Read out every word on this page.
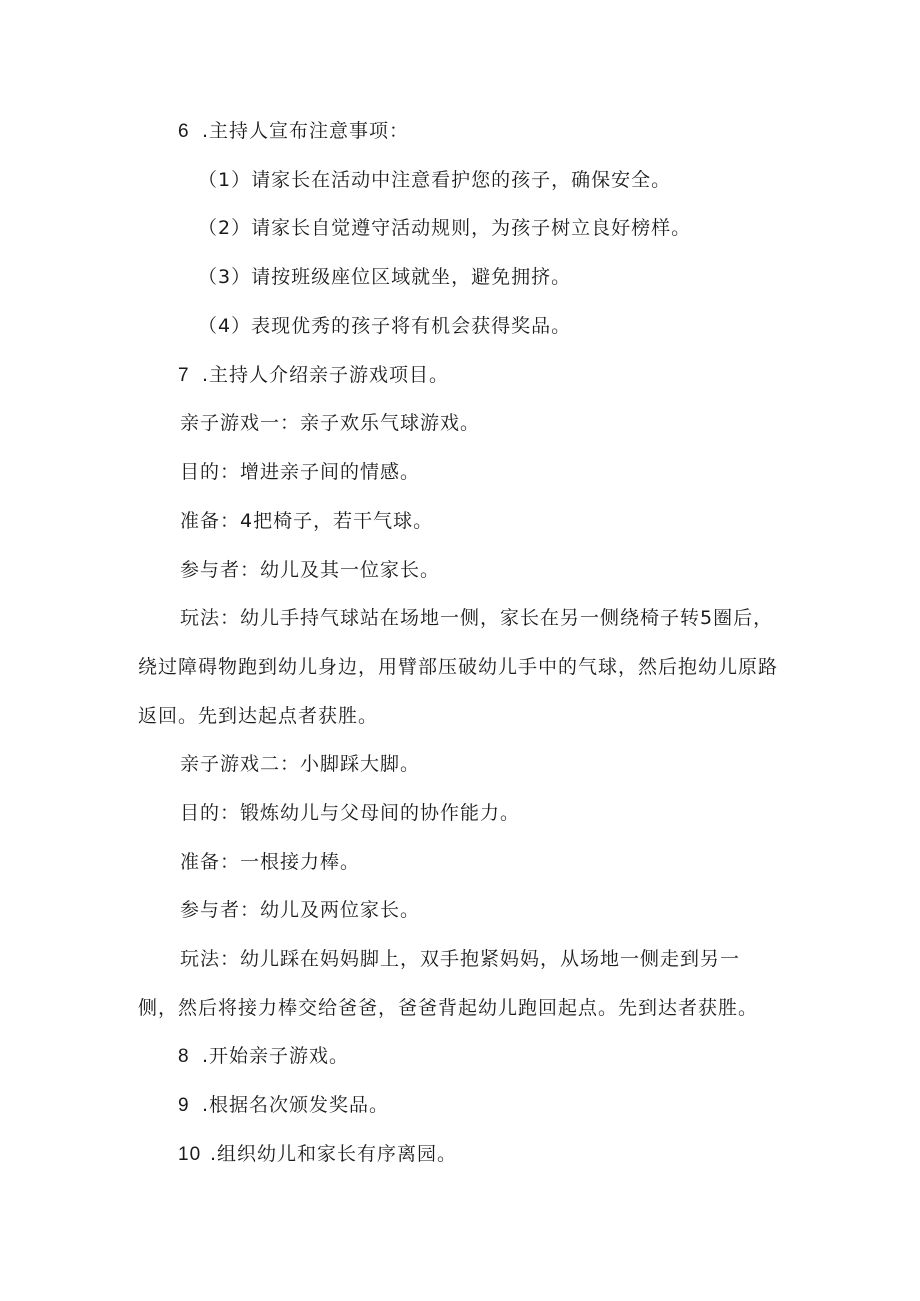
6 .主持人宣布注意事项：
（1）请家长在活动中注意看护您的孩子，确保安全。
（2）请家长自觉遵守活动规则，为孩子树立良好榜样。
（3）请按班级座位区域就坐，避免拥挤。
（4）表现优秀的孩子将有机会获得奖品。
7 .主持人介绍亲子游戏项目。
亲子游戏一：亲子欢乐气球游戏。
目的：增进亲子间的情感。
准备：4把椅子，若干气球。
参与者：幼儿及其一位家长。
玩法：幼儿手持气球站在场地一侧，家长在另一侧绕椅子转5圈后，
绕过障碍物跑到幼儿身边，用臂部压破幼儿手中的气球，然后抱幼儿原路
返回。先到达起点者获胜。
亲子游戏二：小脚踩大脚。
目的：锻炼幼儿与父母间的协作能力。
准备：一根接力棒。
参与者：幼儿及两位家长。
玩法：幼儿踩在妈妈脚上，双手抱紧妈妈，从场地一侧走到另一
侧，然后将接力棒交给爸爸，爸爸背起幼儿跑回起点。先到达者获胜。
8 .开始亲子游戏。
9 .根据名次颁发奖品。
10 .组织幼儿和家长有序离园。
